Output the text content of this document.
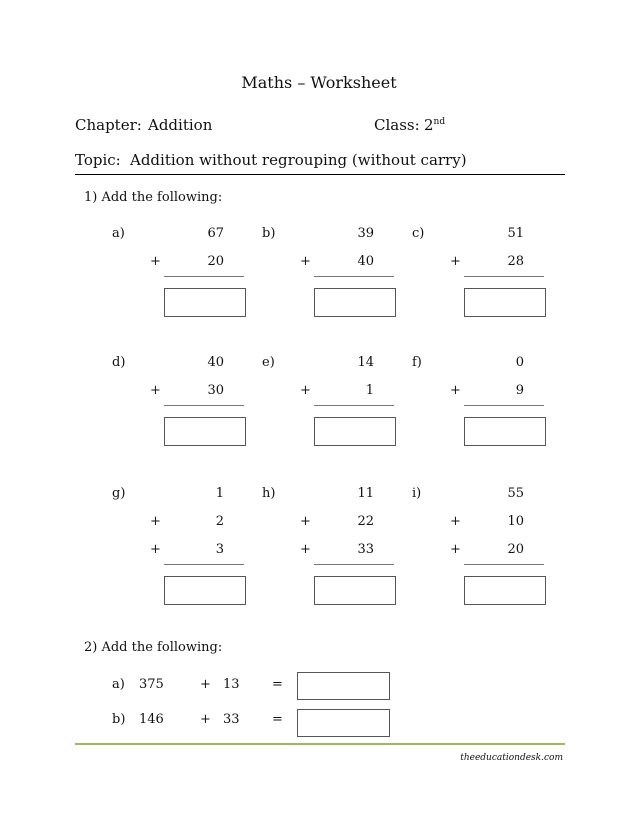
Maths – Worksheet
Chapter: Addition	Class: 2nd
Topic: Addition without regrouping (without carry)
1) Add the following:
a)	67
20
+
b)	39
40
+
c)	51
28
+
d)	40
30
+
e)	14
1
+
f)	0
9
+
g)	1
2
+
3
+
h)	11
22
+
33
+
i)	55
10
+
20
+
2) Add the following:
a) 375	+ 13 =
b) 146	+ 33 =
theeducationdesk.com
